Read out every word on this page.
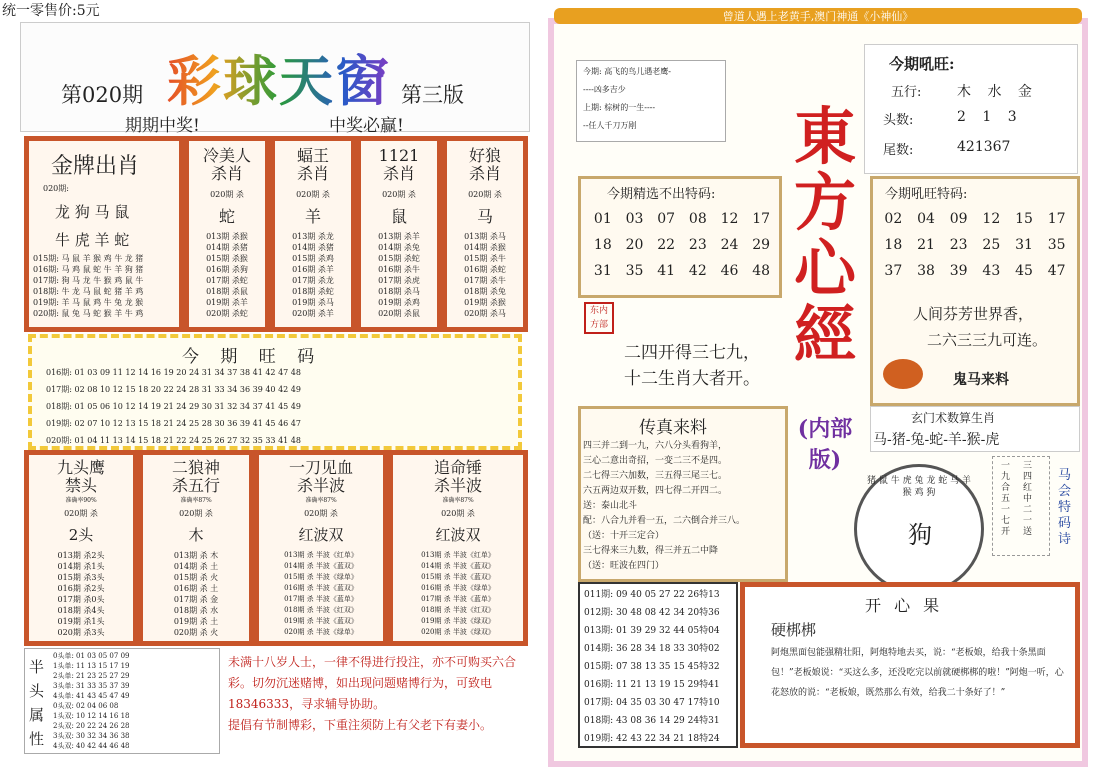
统一零售价:5元
第020期 彩球天窗 第三版
期期中奖!	中奖必赢!
金牌出肖
020期:
龙 狗 马 鼠
牛 虎 羊 蛇
015期: 马 鼠 羊 猴 鸡 牛 龙 猪
016期: 马 鸡 鼠 蛇 牛 羊 狗 猪
017期: 狗 马 龙 牛 猴 鸡 鼠 牛
018期: 牛 龙 马 鼠 蛇 猪 羊 鸡
019期: 羊 马 鼠 鸡 牛 兔 龙 猴
020期: 鼠 兔 马 蛇 猴 羊 牛 鸡
冷美人
杀肖
020期 杀
蛇
013期 杀猴
014期 杀猪
015期 杀猴
016期 杀狗
017期 杀蛇
018期 杀鼠
019期 杀羊
020期 杀蛇
蝠王
杀肖
020期 杀
羊
013期 杀龙
014期 杀猪
015期 杀鸡
016期 杀羊
017期 杀龙
018期 杀蛇
019期 杀马
020期 杀羊
1121
杀肖
020期 杀
鼠
013期 杀羊
014期 杀兔
015期 杀蛇
016期 杀牛
017期 杀虎
018期 杀马
019期 杀鸡
020期 杀鼠
好狼
杀肖
020期 杀
马
013期 杀马
014期 杀猴
015期 杀牛
016期 杀蛇
017期 杀牛
018期 杀兔
019期 杀猴
020期 杀马
今 期 旺 码
016期: 01 03 09 11 12 14 16 19 20 24 31 34 37 38 41 42 47 48
017期: 02 08 10 12 15 18 20 22 24 28 31 33 34 36 39 40 42 49
018期: 01 05 06 10 12 14 19 21 24 29 30 31 32 34 37 41 45 49
019期: 02 07 10 12 13 15 18 21 24 25 28 30 36 39 41 45 46 47
020期: 01 04 11 13 14 15 18 21 22 24 25 26 27 32 35 33 41 48
九头鹰
禁头
准确率90%
020期 杀
2头
013期 杀2头
014期 杀1头
015期 杀3头
016期 杀2头
017期 杀0头
018期 杀4头
019期 杀1头
020期 杀3头
二狼神
杀五行
准确率87%
020期 杀
木
013期 杀 木
014期 杀 土
015期 杀 火
016期 杀 土
017期 杀 金
018期 杀 水
019期 杀 土
020期 杀 火
一刀见血
杀半波
准确率87%
020期 杀
红波双
013期 杀 半波《红单》
014期 杀 半波《蓝双》
015期 杀 半波《绿单》
016期 杀 半波《蓝双》
017期 杀 半波《蓝单》
018期 杀 半波《红双》
019期 杀 半波《蓝双》
020期 杀 半波《绿单》
追命锤
杀半波
准确率87%
020期 杀
红波双
013期 杀 半波《红单》
014期 杀 半波《蓝双》
015期 杀 半波《蓝双》
016期 杀 半波《绿单》
017期 杀 半波《蓝单》
018期 杀 半波《红双》
019期 杀 半波《绿双》
020期 杀 半波《绿双》
半头属性
0头单: 01 03 05 07 09
1头单: 11 13 15 17 19
2头单: 21 23 25 27 29
3头单: 31 33 35 37 39
4头单: 41 43 45 47 49
0头双: 02 04 06 08
1头双: 10 12 14 16 18
2头双: 20 22 24 26 28
3头双: 30 32 34 36 38
4头双: 40 42 44 46 48
未满十八岁人士，一律不得进行投注，亦不可购买六合彩。切勿沉迷赌博，如出现问题赌博行为，可致电18346333，寻求辅导协助。
提倡有节制博彩，下重注须防上有父老下有妻小。
曾道人遇上老黄手,澳门神通《小神仙》
今期: 高飞的鸟儿遇老鹰-
----凶多吉少
上期: 棕树的一生----
--任人千刀万剐	東方心經
(内部版)
今期吼旺:
五行:	木 水 金
头数:	2 1 3
尾数:	421367
今期精选不出特码:
01 03 07 08 12 17
18 20 22 23 24 29
31 35 41 42 46 48
今期吼旺特码:
02	04	09	12	15	17
18	21	23	25	31	35
37	38	39	43	45	47
人间芬芳世界香，
二六三三九可连。
鬼马来料
东内方部
二四开得三七九，
十二生肖大者开。
玄门术数算生肖
马-猪-兔-蛇-羊-猴-虎
传真来料
四三并二到一九，六八分头看狗羊，
三心二意出奇招，一变二三不是四。
二七得三六加数，三五得三尾三七。
六五两边双开数，四七得二开四二。
送：泰山北斗
配：八合九并看一五，二六倒合并三八。
（送：十开三定合）
三七得来三九数，得三并五二中降
（送：旺波在四门）
猪 鼠 牛 虎 兔 龙 蛇 马 羊 猴 鸡 狗
狗
三四红中二一送
一九合五一七开
马会特码诗
011期: 09 40 05 27 22 26特13
012期: 30 48 08 42 34 20特36
013期: 01 39 29 32 44 05特04
014期: 36 28 34 18 33 30特02
015期: 07 38 13 35 15 45特32
016期: 11 21 13 19 15 29特41
017期: 04 35 03 30 47 17特10
018期: 43 08 36 14 29 24特31
019期: 42 43 22 34 21 18特24
开 心 果
硬梆梆
阿炮黑面包能强精壮阳，阿炮特地去买，说：“老板娘，给我十条黑面包！”老板娘说：“买这么多，还没吃完以前就硬梆梆的啦！”阿炮一听，心花怒放的说：“老板娘，既然那么有效，给我二十条好了！”
